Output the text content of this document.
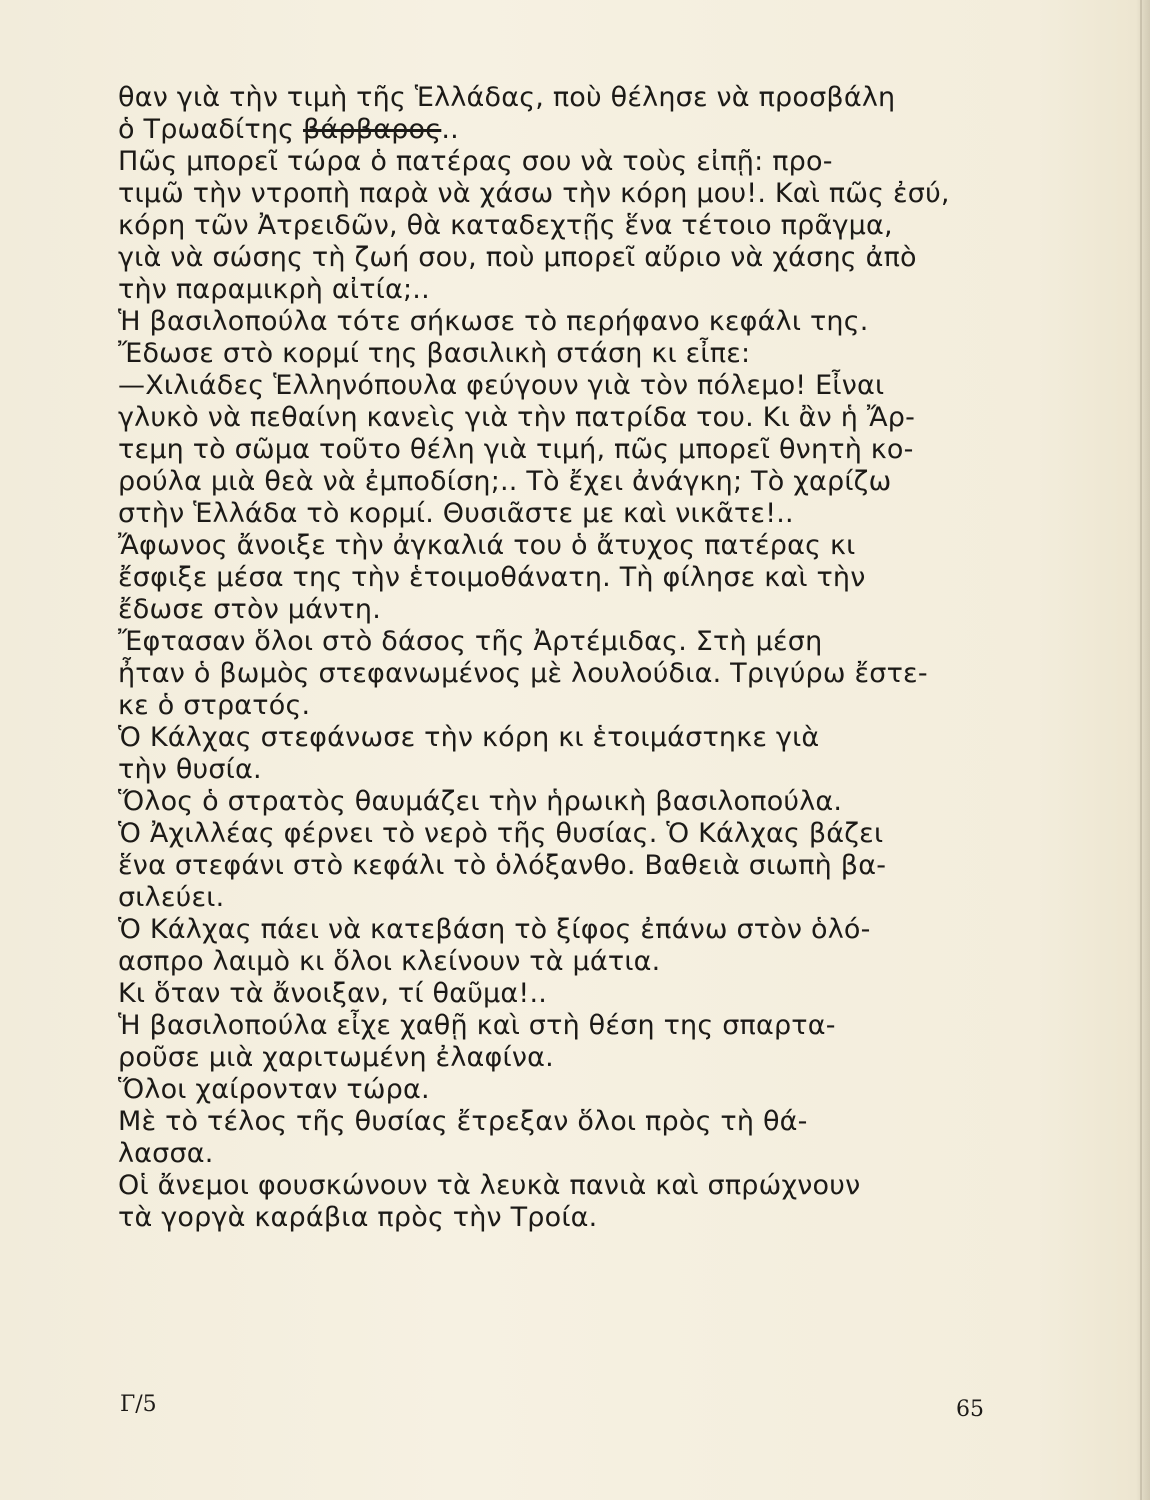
θαν γιὰ τὴν τιμὴ τῆς Ἑλλάδας, ποὺ θέλησε νὰ προσβάλη
ὁ Τρωαδίτης βάρβαρος..
Πῶς μπορεῖ τώρα ὁ πατέρας σου νὰ τοὺς εἰπῇ: προ-
τιμῶ τὴν ντροπὴ παρὰ νὰ χάσω τὴν κόρη μου!. Καὶ πῶς ἐσύ,
κόρη τῶν Ἀτρειδῶν, θὰ καταδεχτῇς ἕνα τέτοιο πρᾶγμα,
γιὰ νὰ σώσης τὴ ζωή σου, ποὺ μπορεῖ αὔριο νὰ χάσης ἀπὸ
τὴν παραμικρὴ αἰτία;..
Ἡ βασιλοπούλα τότε σήκωσε τὸ περήφανο κεφάλι της.
Ἔδωσε στὸ κορμί της βασιλικὴ στάση κι εἶπε:
—Χιλιάδες Ἑλληνόπουλα φεύγουν γιὰ τὸν πόλεμο! Εἶναι
γλυκὸ νὰ πεθαίνη κανεὶς γιὰ τὴν πατρίδα του. Κι ἂν ἡ Ἄρ-
τεμη τὸ σῶμα τοῦτο θέλη γιὰ τιμή, πῶς μπορεῖ θνητὴ κο-
ρούλα μιὰ θεὰ νὰ ἐμποδίση;.. Τὸ ἔχει ἀνάγκη; Τὸ χαρίζω
στὴν Ἑλλάδα τὸ κορμί. Θυσιᾶστε με καὶ νικᾶτε!..
Ἄφωνος ἄνοιξε τὴν ἀγκαλιά του ὁ ἄτυχος πατέρας κι
ἔσφιξε μέσα της τὴν ἑτοιμοθάνατη. Τὴ φίλησε καὶ τὴν
ἔδωσε στὸν μάντη.
Ἔφτασαν ὅλοι στὸ δάσος τῆς Ἀρτέμιδας. Στὴ μέση
ἦταν ὁ βωμὸς στεφανωμένος μὲ λουλούδια. Τριγύρω ἔστε-
κε ὁ στρατός.
Ὁ Κάλχας στεφάνωσε τὴν κόρη κι ἑτοιμάστηκε γιὰ
τὴν θυσία.
Ὅλος ὁ στρατὸς θαυμάζει τὴν ἡρωικὴ βασιλοπούλα.
Ὁ Ἀχιλλέας φέρνει τὸ νερὸ τῆς θυσίας. Ὁ Κάλχας βάζει
ἕνα στεφάνι στὸ κεφάλι τὸ ὁλόξανθο. Βαθειὰ σιωπὴ βα-
σιλεύει.
Ὁ Κάλχας πάει νὰ κατεβάση τὸ ξίφος ἐπάνω στὸν ὁλό-
ασπρο λαιμὸ κι ὅλοι κλείνουν τὰ μάτια.
Κι ὅταν τὰ ἄνοιξαν, τί θαῦμα!..
Ἡ βασιλοπούλα εἶχε χαθῇ καὶ στὴ θέση της σπαρτα-
ροῦσε μιὰ χαριτωμένη ἐλαφίνα.
Ὅλοι χαίρονταν τώρα.
Μὲ τὸ τέλος τῆς θυσίας ἔτρεξαν ὅλοι πρὸς τὴ θά-
λασσα.
Οἱ ἄνεμοι φουσκώνουν τὰ λευκὰ πανιὰ καὶ σπρώχνουν
τὰ γοργὰ καράβια πρὸς τὴν Τροία.
Γ/5	65
